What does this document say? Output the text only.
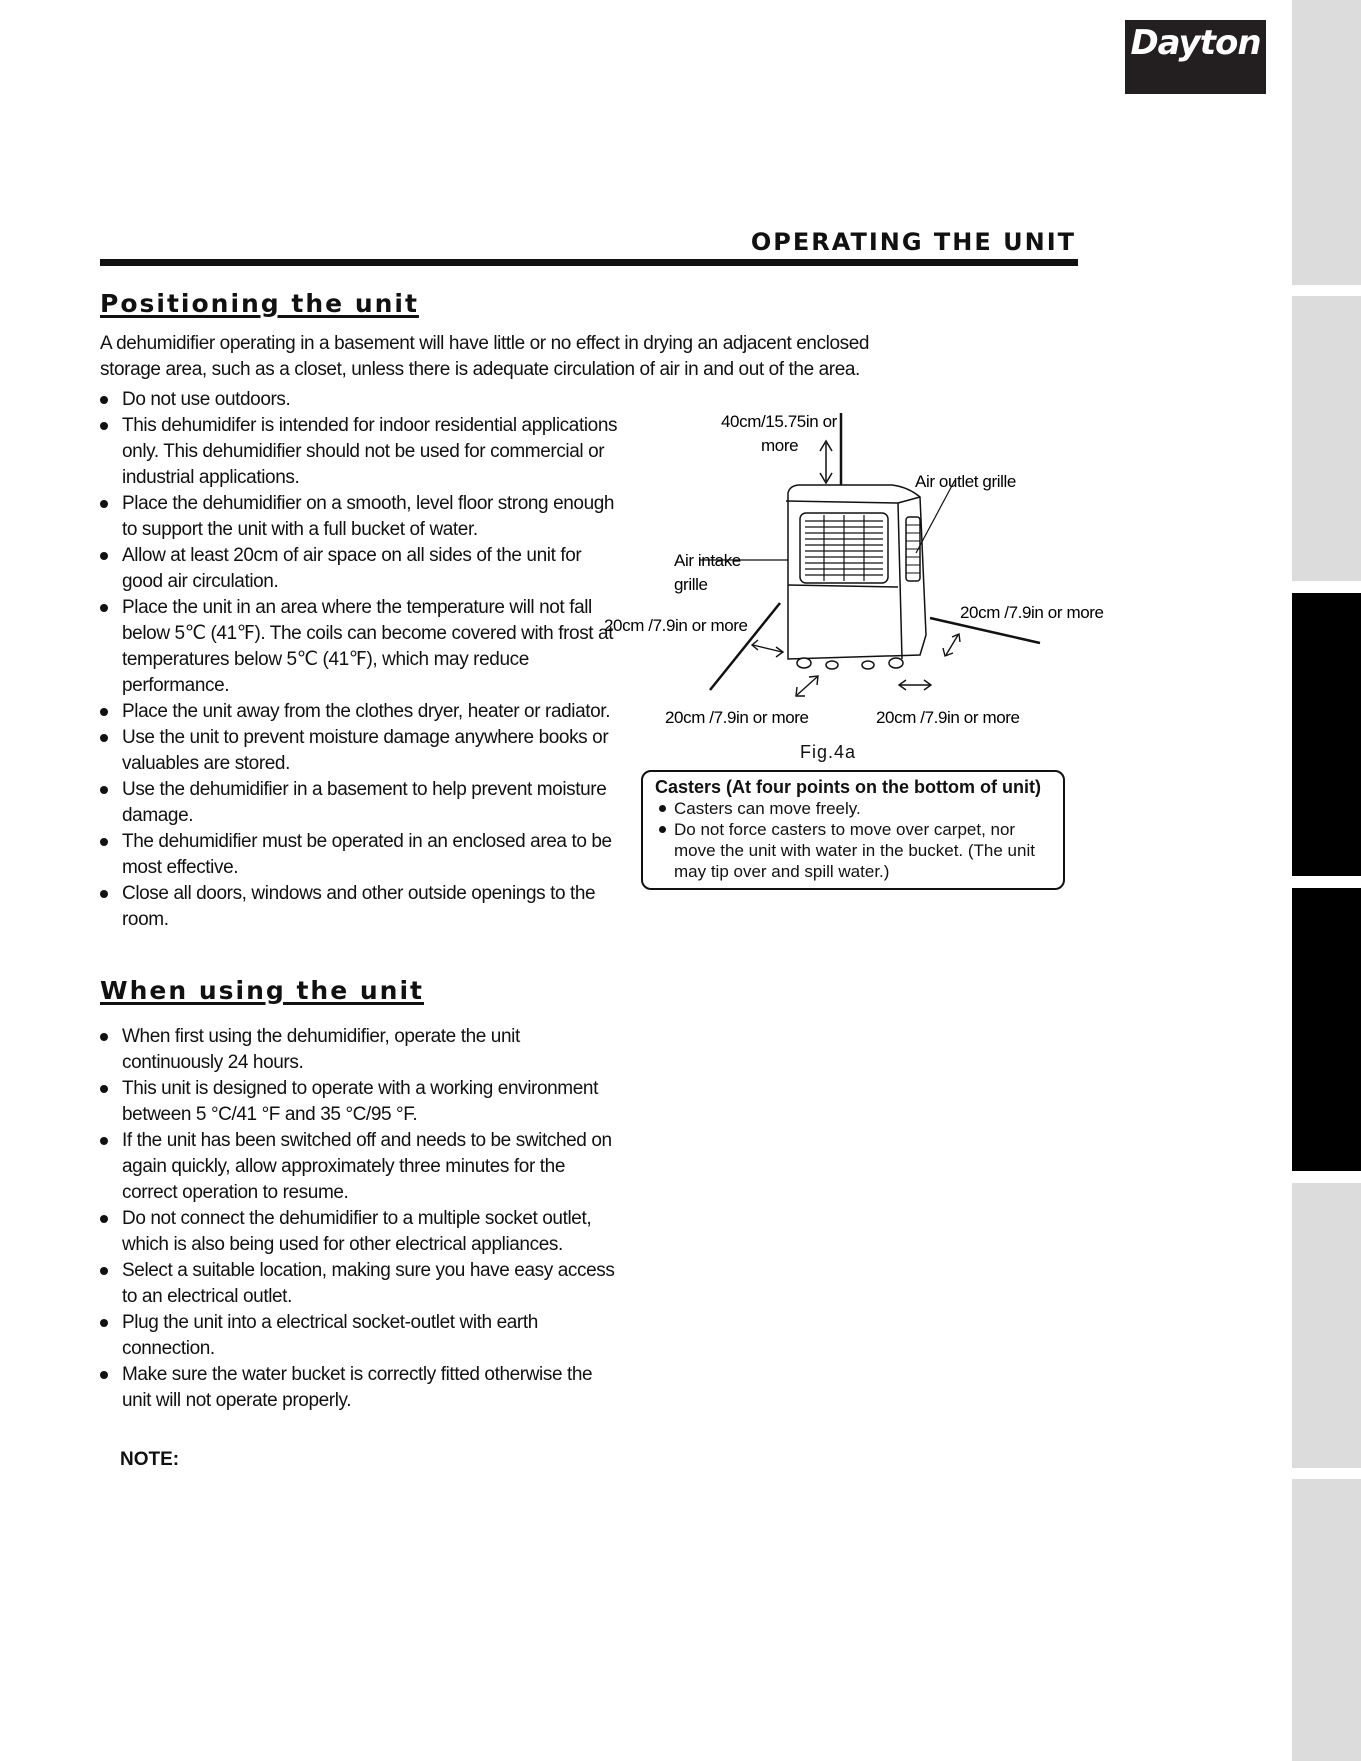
Dayton
OPERATING THE UNIT
Positioning the unit
A dehumidifier operating in a basement will have little or no effect in drying an adjacent enclosed storage area, such as a closet, unless there is adequate circulation of air in and out of the area.
Do not use outdoors.
This dehumidifer is intended for indoor residential applications only. This dehumidifier should not be used for commercial or industrial applications.
Place the dehumidifier on a smooth, level floor strong enough to support the unit with a full bucket of water.
Allow at least 20cm of air space on all sides of the unit for good air circulation.
Place the unit in an area where the temperature will not fall below 5℃ (41℉). The coils can become covered with frost at temperatures below 5℃ (41℉), which may reduce performance.
Place the unit away from the clothes dryer, heater or radiator.
Use the unit to prevent moisture damage anywhere books or valuables are stored.
Use the dehumidifier in a basement to help prevent moisture damage.
The dehumidifier must be operated in an enclosed area to be most effective.
Close all doors, windows and other outside openings to the room.
40cm/15.75in or
more
Air outlet grille
Air intake
grille
20cm /7.9in or more
20cm /7.9in or more
20cm /7.9in or more	20cm /7.9in or more
Fig.4a
Casters (At four points on the bottom of unit)
Casters can move freely.
Do not force casters to move over carpet, nor move the unit with water in the bucket. (The unit may tip over and spill water.)
When using the unit
When first using the dehumidifier, operate the unit continuously 24 hours.
This unit is designed to operate with a working environment between 5 °C/41 °F and 35 °C/95 °F.
If the unit has been switched off and needs to be switched on again quickly, allow approximately three minutes for the correct operation to resume.
Do not connect the dehumidifier to a multiple socket outlet, which is also being used for other electrical appliances.
Select a suitable location, making sure you have easy access to an electrical outlet.
Plug the unit into a electrical socket-outlet with earth connection.
Make sure the water bucket is correctly fitted otherwise the unit will not operate properly.
NOTE:
